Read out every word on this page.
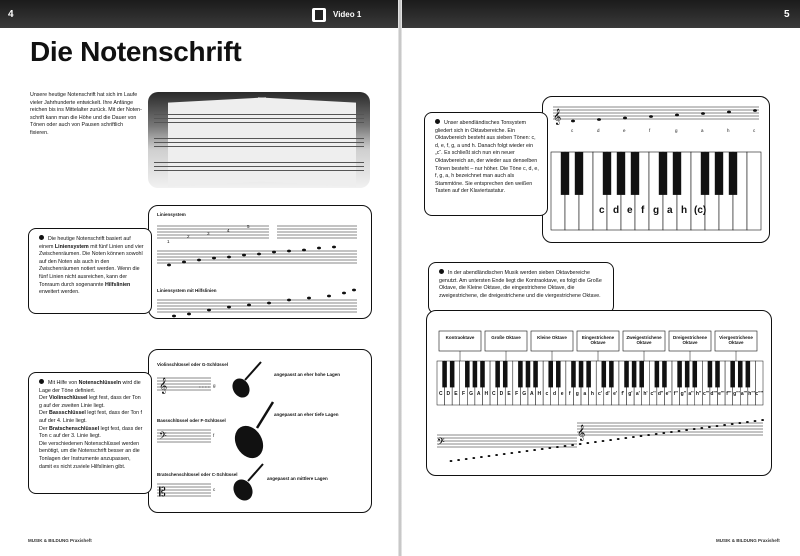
4	Video 1	5
Die Notenschrift
Unsere heutige Notenschrift hat sich im Laufe vieler Jahrhunderte entwickelt. Ihre Anfänge reichen bis ins Mittelalter zurück. Mit der Notenschrift kann man die Höhe und die Dauer von Tönen oder auch von Pausen schriftlich fixieren.
Liniensystem
1
2
3
4
5
Liniensystem mit Hilfslinien
Die heutige Notenschrift basiert auf einem Liniensystem mit fünf Linien und vier Zwischenräumen. Die Noten können sowohl auf den Noten als auch in den Zwischenräumen notiert werden. Wenn die fünf Linien nicht ausreichen, kann der Tonraum durch sogenannte Hilfslinien erweitert werden.
𝄞
𝄢
𝄡
Violinschlüssel oder G-Schlüssel
g
angepasst an eher hohe Lagen
Bassschlüssel oder F-Schlüssel
f
angepasst an eher tiefe Lagen
Bratschenschlüssel oder C-Schlüssel
c
angepasst an mittlere Lagen
Mit Hilfe von Notenschlüsseln wird die Lage der Töne definiert.
Der Violinschlüssel legt fest, dass der Ton g auf der zweiten Linie liegt.
Der Bassschlüssel legt fest, dass der Ton f auf der 4. Linie liegt.
Der Bratschenschlüssel legt fest, dass der Ton c auf der 3. Linie liegt.
Die verschiedenen Notenschlüssel werden benötigt, um die Notenschrift besser an die Tonlagen der Instrumente anzupassen, damit es nicht zuviele Hilfslinien gibt.
𝄞
c	d	e	f	g	a	h	c
c d e f g a h (c)
Unser abendländisches Tonsystem gliedert sich in Oktavbereiche. Ein Oktavbereich besteht aus sieben Tönen: c, d, e, f, g, a und h. Danach folgt wieder ein „c“. Es schließt sich nun ein neuer Oktavbereich an, der wieder aus denselben Tönen besteht – nur höher. Die Töne c, d, e, f, g, a, h bezeichnet man auch als Stammtöne. Sie entsprechen den weißen Tasten auf der Klaviertastatur.
In der abendländischen Musik werden sieben Oktavbereiche genutzt. Am untersten Ende liegt die Kontraoktave, es folgt die Große Oktave, die Kleine Oktave, die eingestrichene Oktave, die zweigestrichene, die dreigestrichene und die viergestrichene Oktave.
𝄢
𝄞
Kontraoktave	Große Oktave	Kleine Oktave	Eingestrichene Oktave
Zweigestrichene Oktave
Dreigestrichene Oktave
Viergestrichene Oktave
C D E F G A H C D E F G A H c d e	f	g a h c' d' e' f' g' a' h' c'' d'' e'' f'' g'' a'' h'' c''' d''' e''' f''' g''' a''' h''' c''''
MUSIK & BILDUNG Praxisheft	MUSIK & BILDUNG Praxisheft
